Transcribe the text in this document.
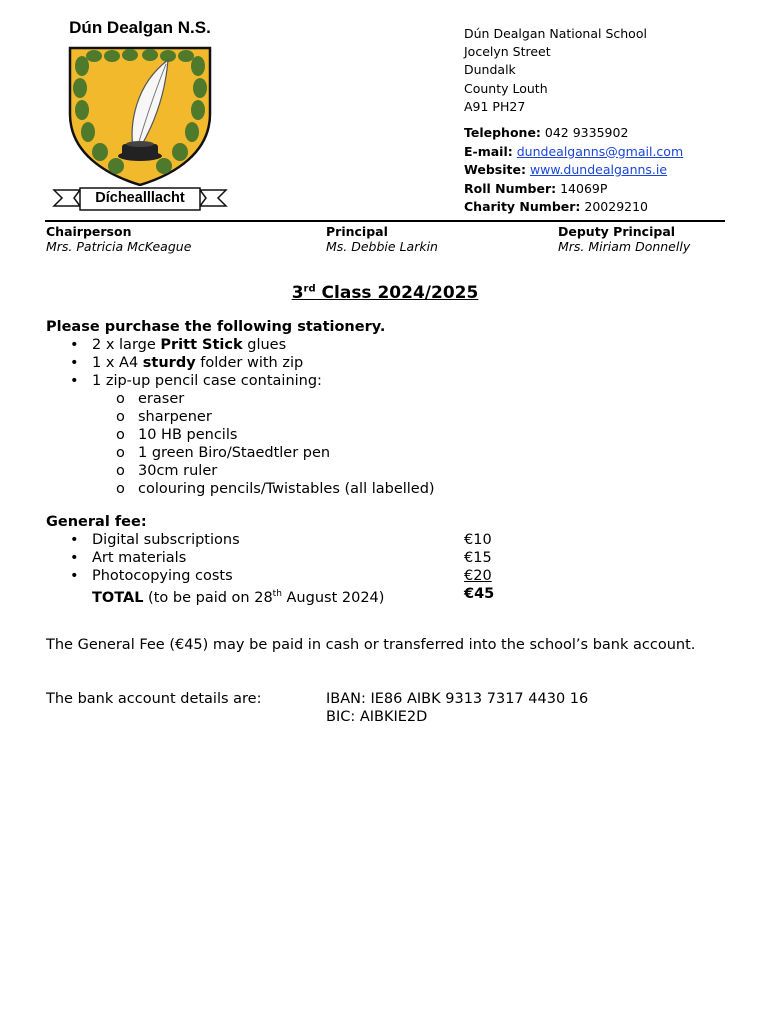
Dún Dealgan N.S.
Díchealllacht
Dún Dealgan National School
Jocelyn Street
Dundalk
County Louth
A91 PH27
Telephone: 042 9335902
E-mail: dundealganns@gmail.com
Website: www.dundealganns.ie
Roll Number: 14069P
Charity Number: 20029210
Chairperson
Mrs. Patricia McKeague
Principal
Ms. Debbie Larkin
Deputy Principal
Mrs. Miriam Donnelly
3rd Class 2024/2025
Please purchase the following stationery.
• 2 x large Pritt Stick glues
• 1 x A4 sturdy folder with zip
• 1 zip-up pencil case containing:
o eraser
o sharpener
o 10 HB pencils
o 1 green Biro/Staedtler pen
o 30cm ruler
o colouring pencils/Twistables (all labelled)
General fee:
• Digital subscriptions	€10
• Art materials	€15
• Photocopying costs	€20
TOTAL (to be paid on 28th August 2024)	€45
The General Fee (€45) may be paid in cash or transferred into the school’s bank account.
The bank account details are:	IBAN: IE86 AIBK 9313 7317 4430 16
BIC: AIBKIE2D
